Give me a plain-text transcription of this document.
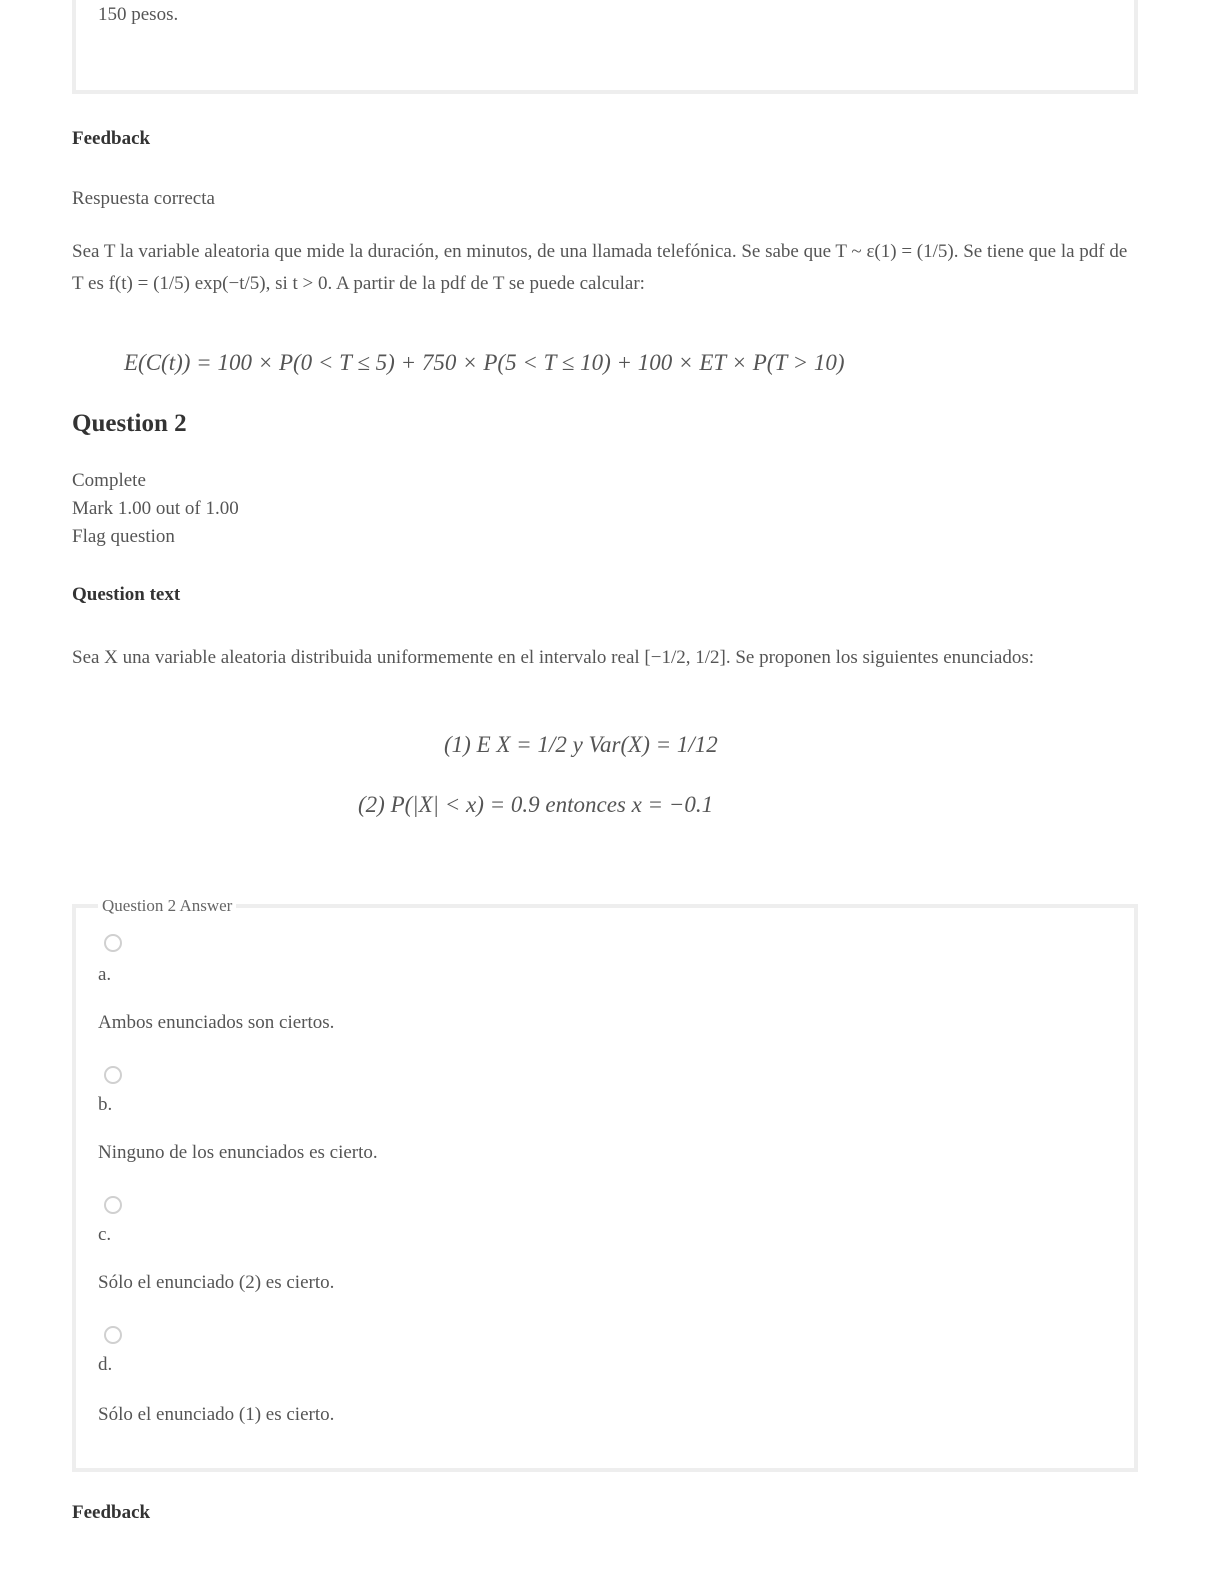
150 pesos.
Feedback
Respuesta correcta
Sea T la variable aleatoria que mide la duración, en minutos, de una llamada telefónica. Se sabe que T ~ ε(1) = (1/5). Se tiene que la pdf de T es f(t) = (1/5) exp(−t/5), si t > 0. A partir de la pdf de T se puede calcular:
E(C(t)) = 100 × P(0 < T ≤ 5) + 750 × P(5 < T ≤ 10) + 100 × ET × P(T > 10)
Question 2
Complete
Mark 1.00 out of 1.00
Flag question
Question text
Sea X una variable aleatoria distribuida uniformemente en el intervalo real [−1/2, 1/2]. Se proponen los siguientes enunciados:
(1) E X = 1/2 y Var(X) = 1/12
(2) P(|X| < x) = 0.9 entonces x = −0.1
Question 2 Answer
a.
Ambos enunciados son ciertos.
b.
Ninguno de los enunciados es cierto.
c.
Sólo el enunciado (2) es cierto.
d.
Sólo el enunciado (1) es cierto.
Feedback
